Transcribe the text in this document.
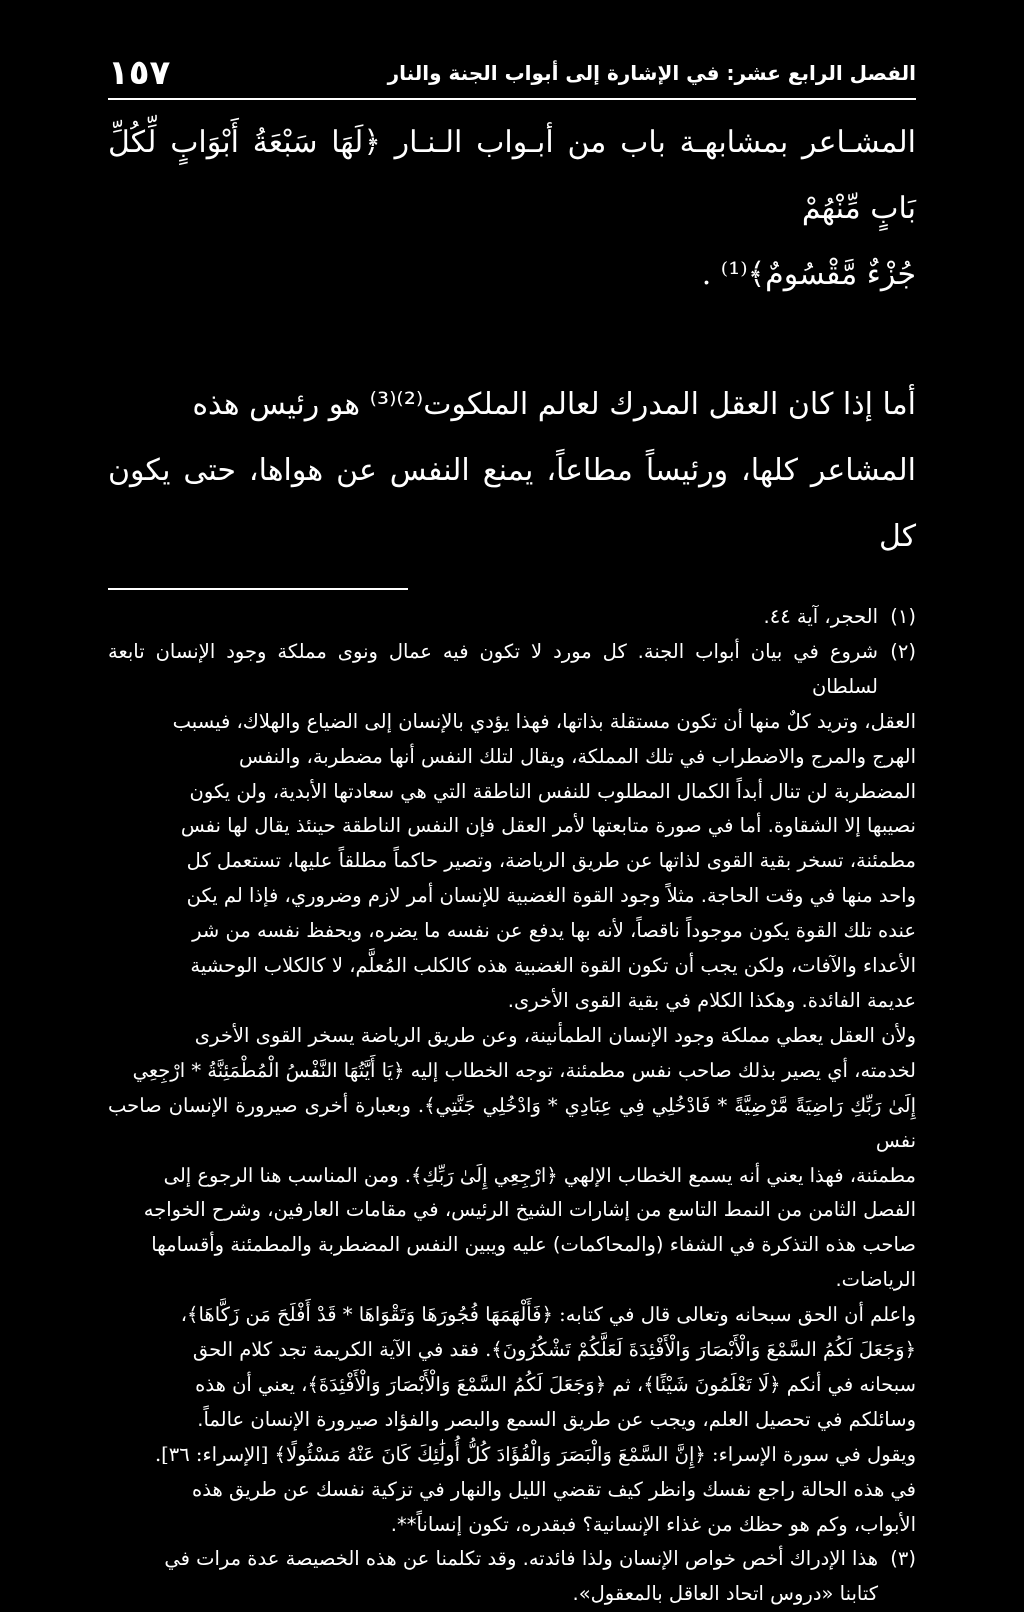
١٥٧	الفصل الرابع عشر: في الإشارة إلى أبواب الجنة والنار
المشـاعر بمشابهـة باب من أبـواب الـنـار ﴿لَهَا سَبْعَةُ أَبْوَابٍ لِّكُلِّ بَابٍ مِّنْهُمْ
جُزْءٌ مَّقْسُومٌ﴾⁽¹⁾ .
أما إذا كان العقل المدرك لعالم الملكوت⁽²⁾⁽³⁾ هو رئيس هذه
المشاعر كلها، ورئيساً مطاعاً، يمنع النفس عن هواها، حتى يكون كل
(١)
الحجر، آية ٤٤.
(٢)
شروع في بيان أبواب الجنة. كل مورد لا تكون فيه عمال ونوى مملكة وجود الإنسان تابعة لسلطان
العقل، وتريد كلٌ منها أن تكون مستقلة بذاتها، فهذا يؤدي بالإنسان إلى الضياع والهلاك، فيسبب
الهرج والمرج والاضطراب في تلك المملكة، ويقال لتلك النفس أنها مضطربة، والنفس
المضطربة لن تنال أبداً الكمال المطلوب للنفس الناطقة التي هي سعادتها الأبدية، ولن يكون
نصيبها إلا الشقاوة. أما في صورة متابعتها لأمر العقل فإن النفس الناطقة حينئذ يقال لها نفس
مطمئنة، تسخر بقية القوى لذاتها عن طريق الرياضة، وتصير حاكماً مطلقاً عليها، تستعمل كل
واحد منها في وقت الحاجة. مثلاً وجود القوة الغضبية للإنسان أمر لازم وضروري، فإذا لم يكن
عنده تلك القوة يكون موجوداً ناقصاً، لأنه بها يدفع عن نفسه ما يضره، ويحفظ نفسه من شر
الأعداء والآفات، ولكن يجب أن تكون القوة الغضبية هذه كالكلب المُعلَّم، لا كالكلاب الوحشية
عديمة الفائدة. وهكذا الكلام في بقية القوى الأخرى.
ولأن العقل يعطي مملكة وجود الإنسان الطمأنينة، وعن طريق الرياضة يسخر القوى الأخرى
لخدمته، أي يصير بذلك صاحب نفس مطمئنة، توجه الخطاب إليه ﴿يَا أَيَّتُهَا النَّفْسُ الْمُطْمَئِنَّةُ * ارْجِعِي
إِلَىٰ رَبِّكِ رَاضِيَةً مَّرْضِيَّةً * فَادْخُلِي فِي عِبَادِي * وَادْخُلِي جَنَّتِي﴾. وبعبارة أخرى صيرورة الإنسان صاحب نفس
مطمئنة، فهذا يعني أنه يسمع الخطاب الإلهي ﴿ارْجِعِي إِلَىٰ رَبِّكِ﴾. ومن المناسب هنا الرجوع إلى
الفصل الثامن من النمط التاسع من إشارات الشيخ الرئيس، في مقامات العارفين، وشرح الخواجه
صاحب هذه التذكرة في الشفاء (والمحاكمات) عليه ويبين النفس المضطربة والمطمئنة وأقسامها
الرياضات.
واعلم أن الحق سبحانه وتعالى قال في كتابه: ﴿فَأَلْهَمَهَا فُجُورَهَا وَتَقْوَاهَا * قَدْ أَفْلَحَ مَن زَكَّاهَا﴾،
﴿وَجَعَلَ لَكُمُ السَّمْعَ وَالْأَبْصَارَ وَالْأَفْئِدَةَ لَعَلَّكُمْ تَشْكُرُونَ﴾. فقد في الآية الكريمة تجد كلام الحق
سبحانه في أنكم ﴿لَا تَعْلَمُونَ شَيْئًا﴾، ثم ﴿وَجَعَلَ لَكُمُ السَّمْعَ وَالْأَبْصَارَ وَالْأَفْئِدَةَ﴾، يعني أن هذه
وسائلكم في تحصيل العلم، ويجب عن طريق السمع والبصر والفؤاد صيرورة الإنسان عالماً.
ويقول في سورة الإسراء: ﴿إِنَّ السَّمْعَ وَالْبَصَرَ وَالْفُؤَادَ كُلُّ أُولَٰئِكَ كَانَ عَنْهُ مَسْئُولًا﴾ [الإسراء: ٣٦].
في هذه الحالة راجع نفسك وانظر كيف تقضي الليل والنهار في تزكية نفسك عن طريق هذه
الأبواب، وكم هو حظك من غذاء الإنسانية؟ فبقدره، تكون إنساناً**.
(٣)
هذا الإدراك أخص خواص الإنسان ولذا فائدته. وقد تكلمنا عن هذه الخصيصة عدة مرات في
كتابنا «دروس اتحاد العاقل بالمعقول».
